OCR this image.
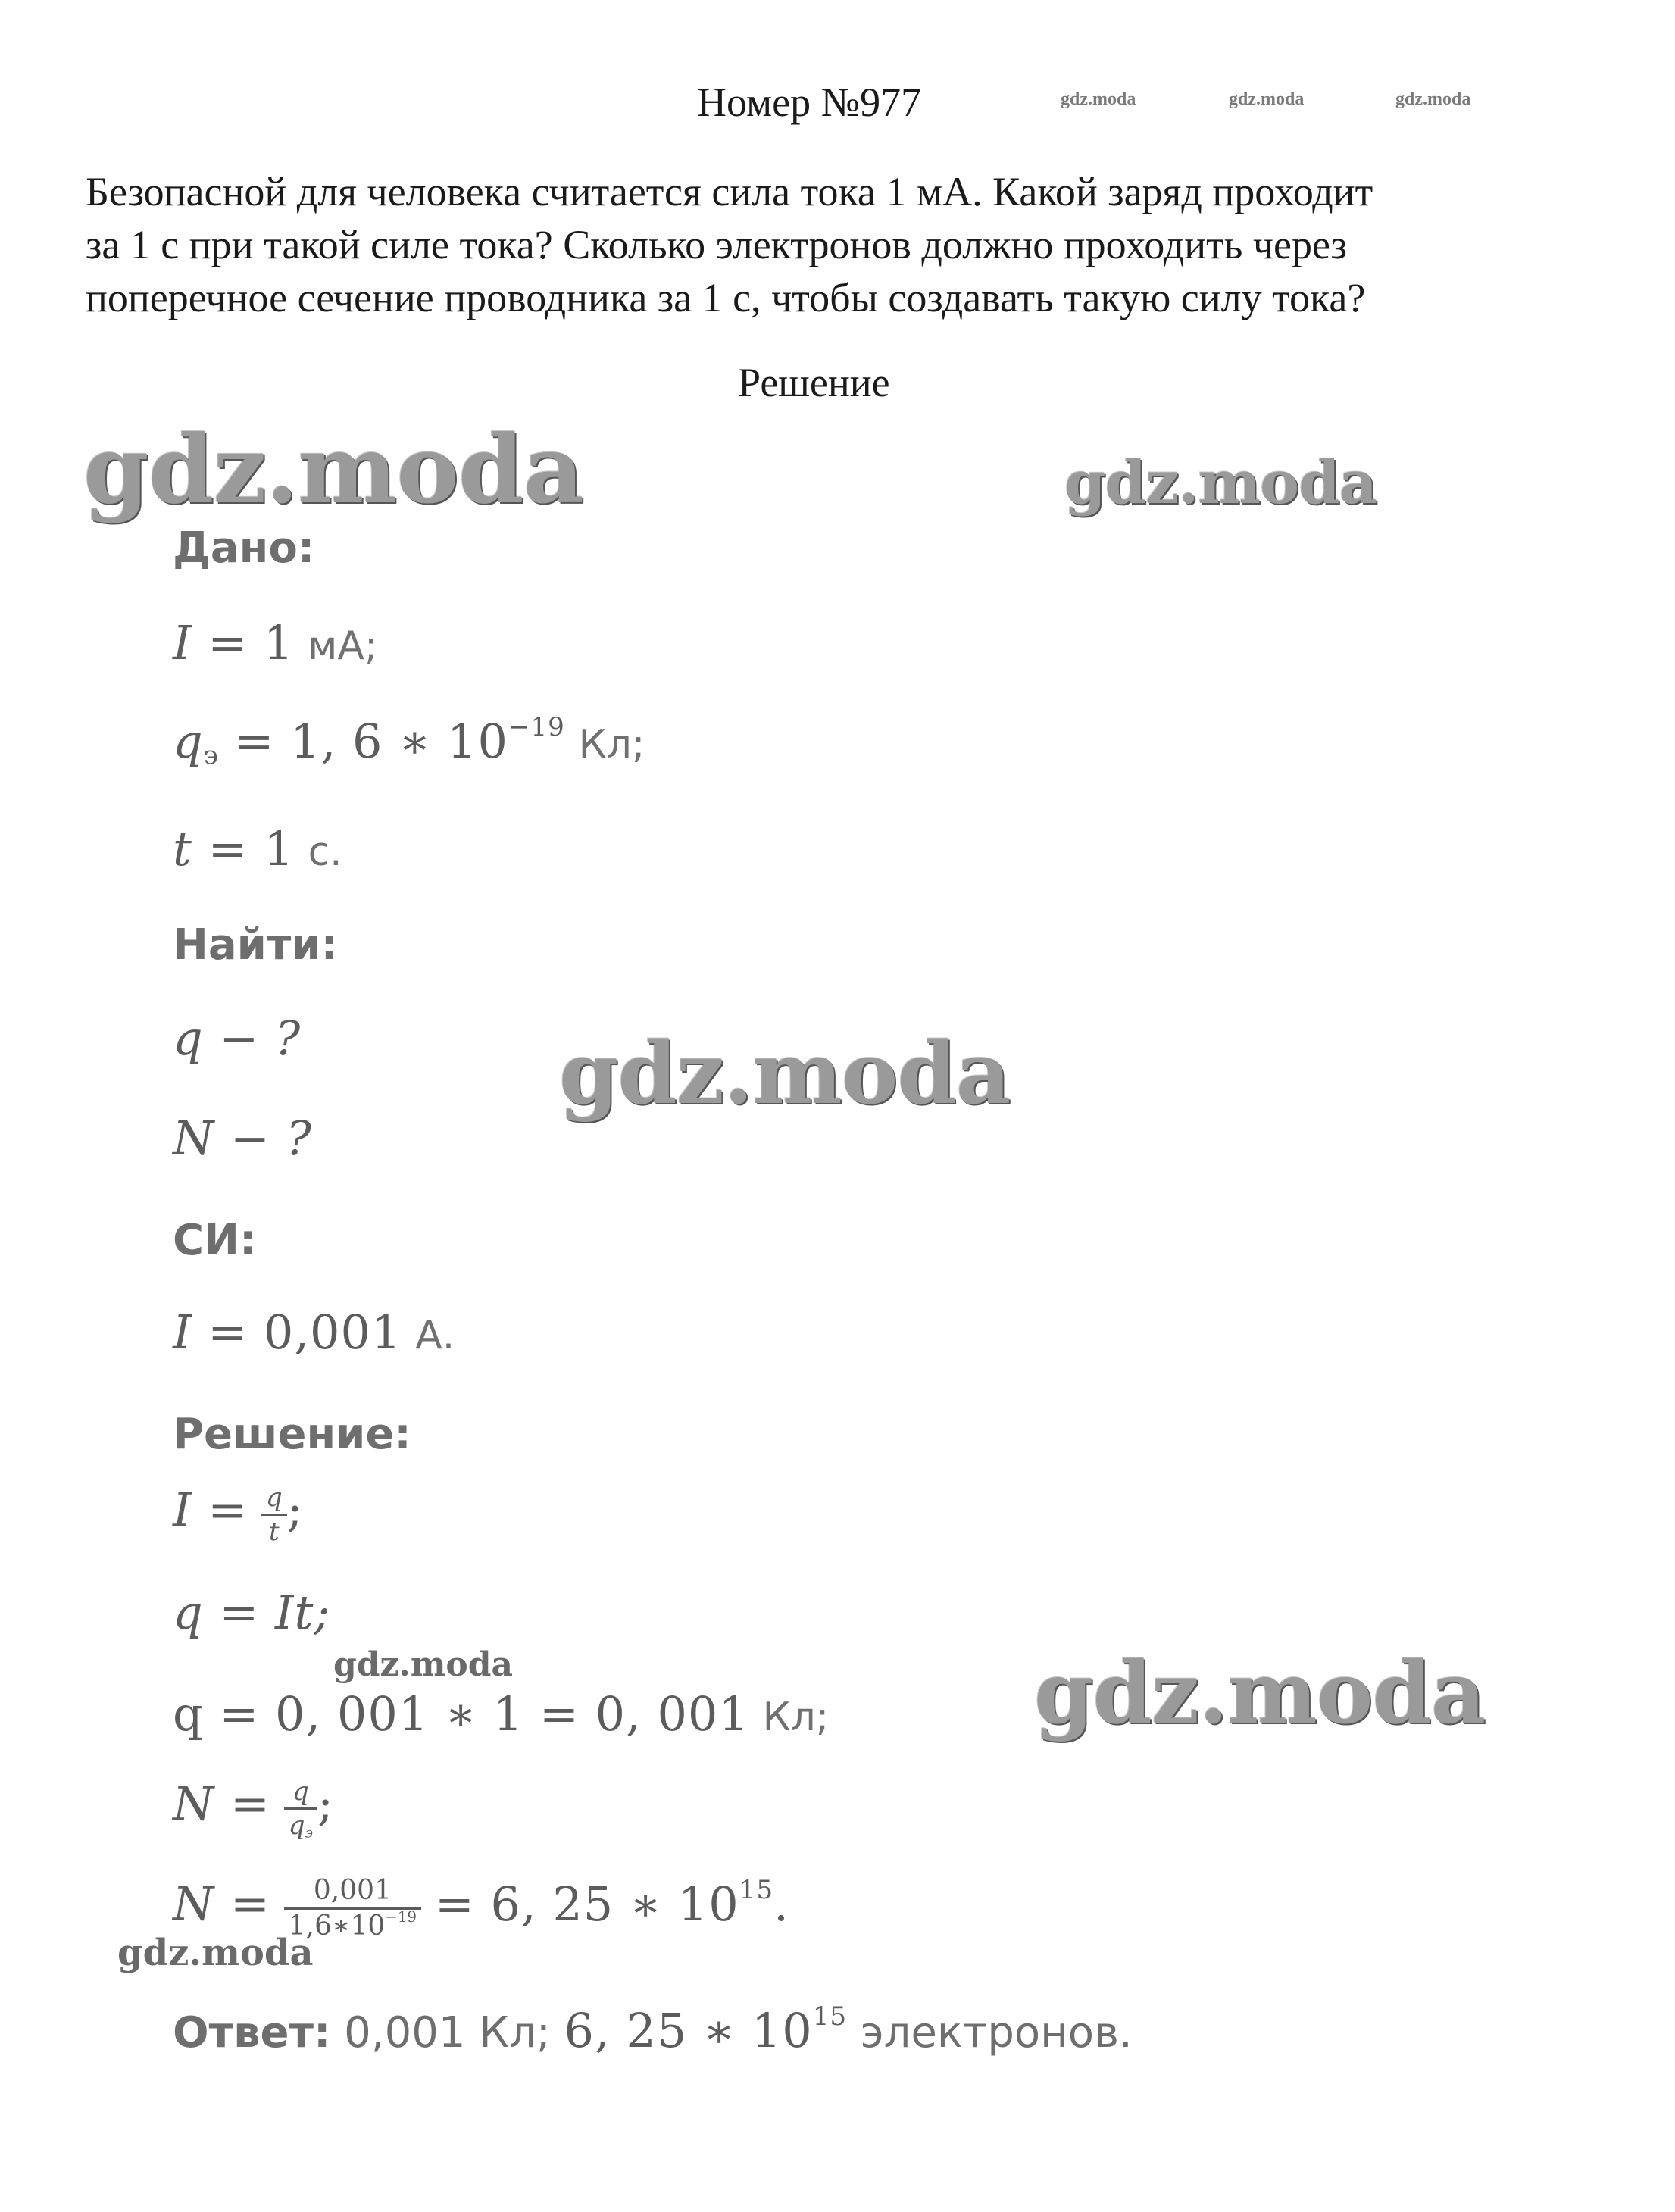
Номер №977	gdz.moda	gdz.moda	gdz.moda
Безопасной для человека считается сила тока 1 мА. Какой заряд проходит
за 1 с при такой силе тока? Сколько электронов должно проходить через
поперечное сечение проводника за 1 с, чтобы создавать такую силу тока?
Решение
gdz.moda	gdz.moda
gdz.moda
gdz.moda
gdz.moda
gdz.moda
Дано:
I = 1 мА;
$q_э = 1$, 6 ∗ $10^{-19}$ Кл;
t = 1 с.
Найти:
q − ?
N − ?
СИ:
I = 0,001 А.
Решение:
$I = \frac{q}{t}$ ;
q = It;
q = 0, 001 ∗ 1 = 0, 001 Кл;
$N = \frac{q}{q_э}$ ;
$N = \frac{0,001}{1,6∗10^{-19}} = 6$, 25 ∗ $10^{15}$.
Ответ: 0,001 Кл; 6, 25 ∗ $10^{15}$ электронов.
